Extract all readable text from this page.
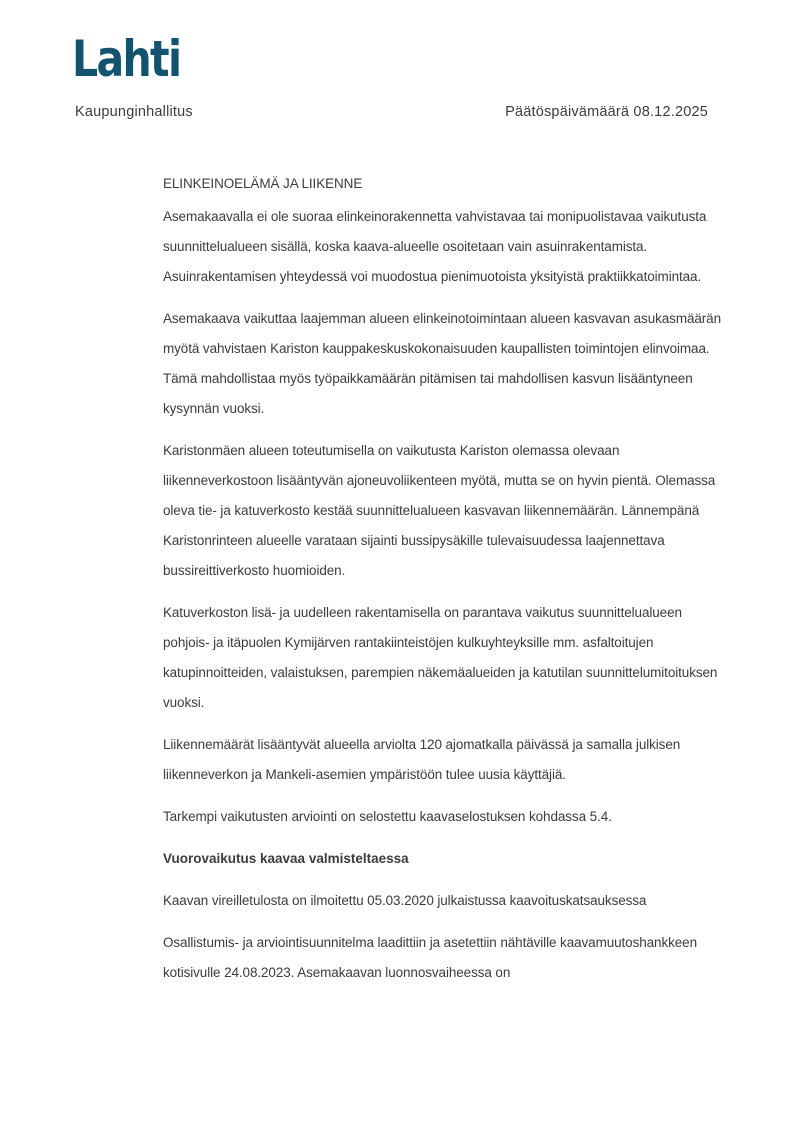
Lahti
Kaupunginhallitus	Päätöspäivämäärä 08.12.2025

ELINKEINOELÄMÄ JA LIIKENNE

Asemakaavalla ei ole suoraa elinkeinorakennetta vahvistavaa tai monipuolistavaa vaikutusta suunnittelualueen sisällä, koska kaava-alueelle osoitetaan vain asuinrakentamista. Asuinrakentamisen yhteydessä voi muodostua pienimuotoista yksityistä praktiikkatoimintaa.

Asemakaava vaikuttaa laajemman alueen elinkeinotoimintaan alueen kasvavan asukasmäärän myötä vahvistaen Kariston kauppakeskuskokonaisuuden kaupallisten toimintojen elinvoimaa. Tämä mahdollistaa myös työpaikkamäärän pitämisen tai mahdollisen kasvun lisääntyneen kysynnän vuoksi.

Karistonmäen alueen toteutumisella on vaikutusta Kariston olemassa olevaan liikenneverkostoon lisääntyvän ajoneuvoliikenteen myötä, mutta se on hyvin pientä. Olemassa oleva tie- ja katuverkosto kestää suunnittelualueen kasvavan liikennemäärän. Lännempänä Karistonrinteen alueelle varataan sijainti bussipysäkille tulevaisuudessa laajennettava bussireittiverkosto huomioiden.

Katuverkoston lisä- ja uudelleen rakentamisella on parantava vaikutus suunnittelualueen pohjois- ja itäpuolen Kymijärven rantakiinteistöjen kulkuyhteyksille mm. asfaltoitujen katupinnoitteiden, valaistuksen, parempien näkemäalueiden ja katutilan suunnittelumitoituksen vuoksi.

Liikennemäärät lisääntyvät alueella arviolta 120 ajomatkalla päivässä ja samalla julkisen liikenneverkon ja Mankeli-asemien ympäristöön tulee uusia käyttäjiä.

Tarkempi vaikutusten arviointi on selostettu kaavaselostuksen kohdassa 5.4.

Vuorovaikutus kaavaa valmisteltaessa

Kaavan vireilletulosta on ilmoitettu 05.03.2020 julkaistussa kaavoituskatsauksessa

Osallistumis- ja arviointisuunnitelma laadittiin ja asetettiin nähtäville kaavamuutoshankkeen kotisivulle 24.08.2023. Asemakaavan luonnosvaiheessa on
